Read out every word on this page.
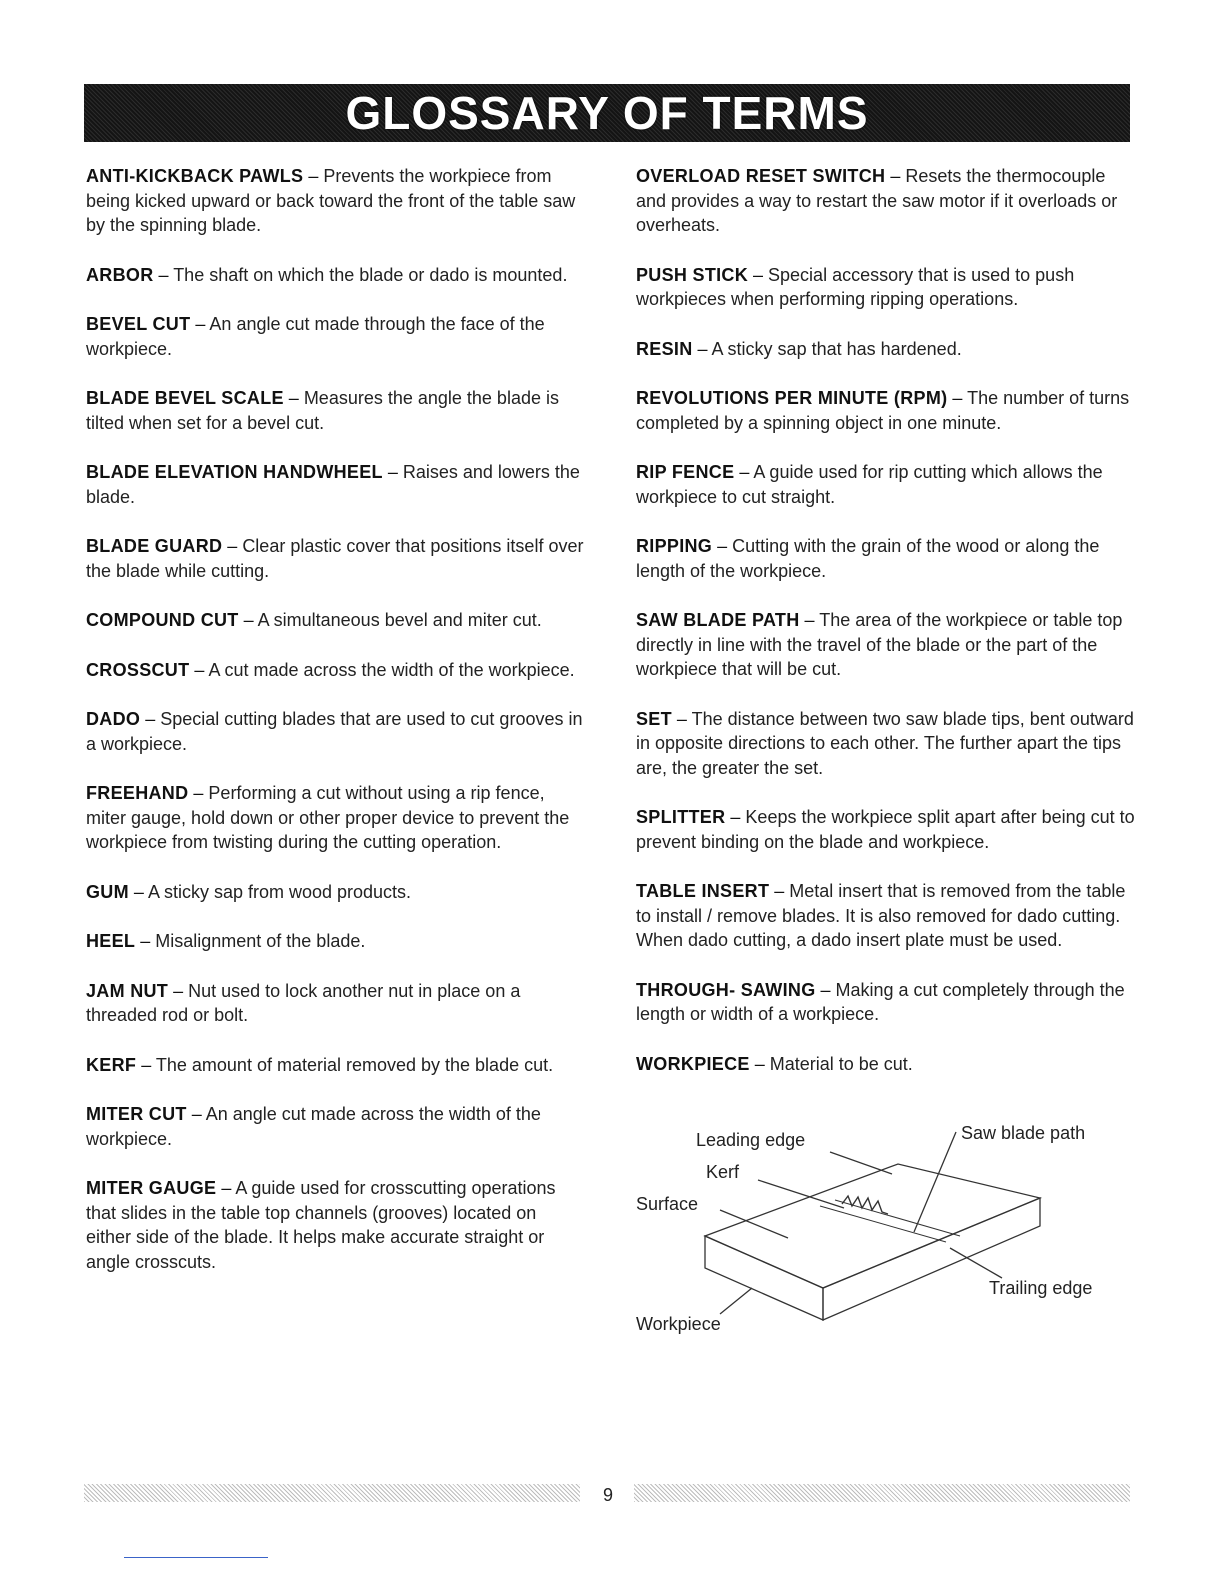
GLOSSARY OF TERMS

ANTI-KICKBACK PAWLS – Prevents the workpiece from being kicked upward or back toward the front of the table saw by the spinning blade.

ARBOR – The shaft on which the blade or dado is mounted.

BEVEL CUT – An angle cut made through the face of the workpiece.

BLADE BEVEL SCALE – Measures the angle the blade is tilted when set for a bevel cut.

BLADE ELEVATION HANDWHEEL – Raises and lowers the blade.

BLADE GUARD – Clear plastic cover that positions itself over the blade while cutting.

COMPOUND CUT – A simultaneous bevel and miter cut.

CROSSCUT – A cut made across the width of the workpiece.

DADO – Special cutting blades that are used to cut grooves in a workpiece.

FREEHAND – Performing a cut without using a rip fence, miter gauge, hold down or other proper device to prevent the workpiece from twisting during the cutting operation.

GUM – A sticky sap from wood products.

HEEL – Misalignment of the blade.

JAM NUT – Nut used to lock another nut in place on a threaded rod or bolt.

KERF – The amount of material removed by the blade cut.

MITER CUT – An angle cut made across the width of the workpiece.

MITER GAUGE – A guide used for crosscutting operations that slides in the table top channels (grooves) located on either side of the blade. It helps make accurate straight or angle crosscuts.

OVERLOAD RESET SWITCH – Resets the thermocouple and provides a way to restart the saw motor if it overloads or overheats.

PUSH STICK – Special accessory that is used to push workpieces when performing ripping operations.

RESIN – A sticky sap that has hardened.

REVOLUTIONS PER MINUTE (RPM) – The number of turns completed by a spinning object in one minute.

RIP FENCE – A guide used for rip cutting which allows the workpiece to cut straight.

RIPPING – Cutting with the grain of the wood or along the length of the workpiece.

SAW BLADE PATH – The area of the workpiece or table top directly in line with the travel of the blade or the part of the workpiece that will be cut.

SET – The distance between two saw blade tips, bent outward in opposite directions to each other. The further apart the tips are, the greater the set.

SPLITTER – Keeps the workpiece split apart after being cut to prevent binding on the blade and workpiece.

TABLE INSERT – Metal insert that is removed from the table to install / remove blades. It is also removed for dado cutting. When dado cutting, a dado insert plate must be used.

THROUGH- SAWING – Making a cut completely through the length or width of a workpiece.

WORKPIECE – Material to be cut.

Leading edge
Kerf
Surface
Saw blade path
Trailing edge
Workpiece
9
